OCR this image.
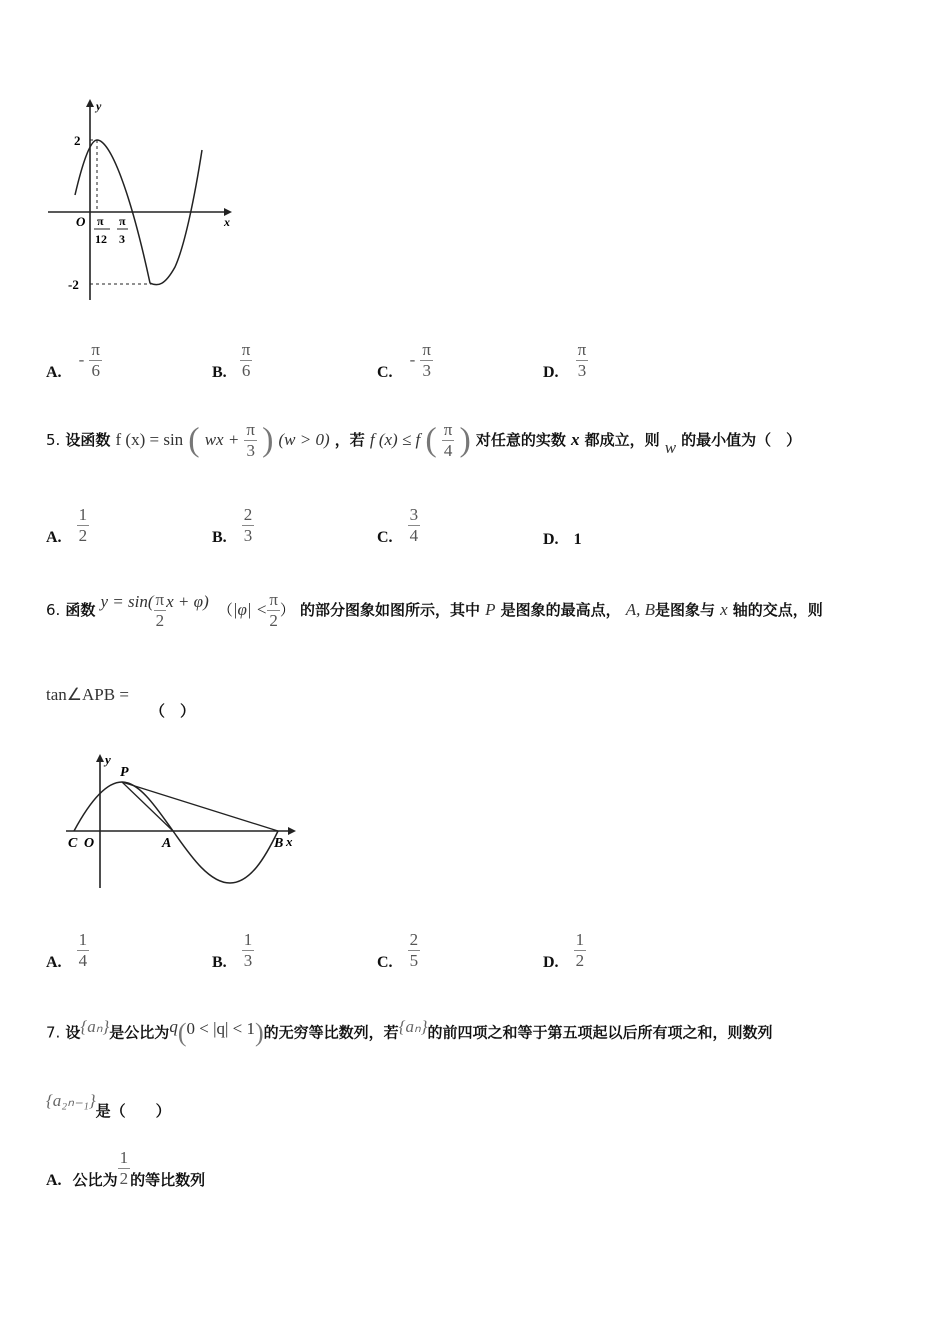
y
x
O
2
-2
π
12
π
3
A. - $\frac{\pi}{6}$	B. $\frac{\pi}{6}$	C. - $\frac{\pi}{3}$	D. $\frac{\pi}{3}$
5. 设函数 f (x) = sin ( wx + $\frac{\pi}{3}$ ) (w > 0) ，若 f (x) ≤ f ( $\frac{\pi}{4}$ ) 对任意的实数 x 都成立，则 w 的最小值为（　）
A. $\frac{1}{2}$	B. $\frac{2}{3}$	C. $\frac{3}{4}$	D. 1
6. 函数 $y = \sin( \frac{\pi}{2}$ x + φ) （$|\varphi| < \frac{\pi}{2}$ ） 的部分图象如图所示，其中 P 是图象的最高点， A, B是图象与 x 轴的交点，则
tan∠APB =
（　）
y
x
P
C O	A	B
A. $\frac{1}{4}$	B. $\frac{1}{3}$	C. $\frac{2}{5}$	D. $\frac{1}{2}$
7. 设{aₙ}是公比为q(0 < |q| < 1)的无穷等比数列，若{aₙ}的前四项之和等于第五项起以后所有项之和，则数列
{a₂ₙ₋₁}是（　　）
A. 公比为 $\frac{1}{2}$ 的等比数列
